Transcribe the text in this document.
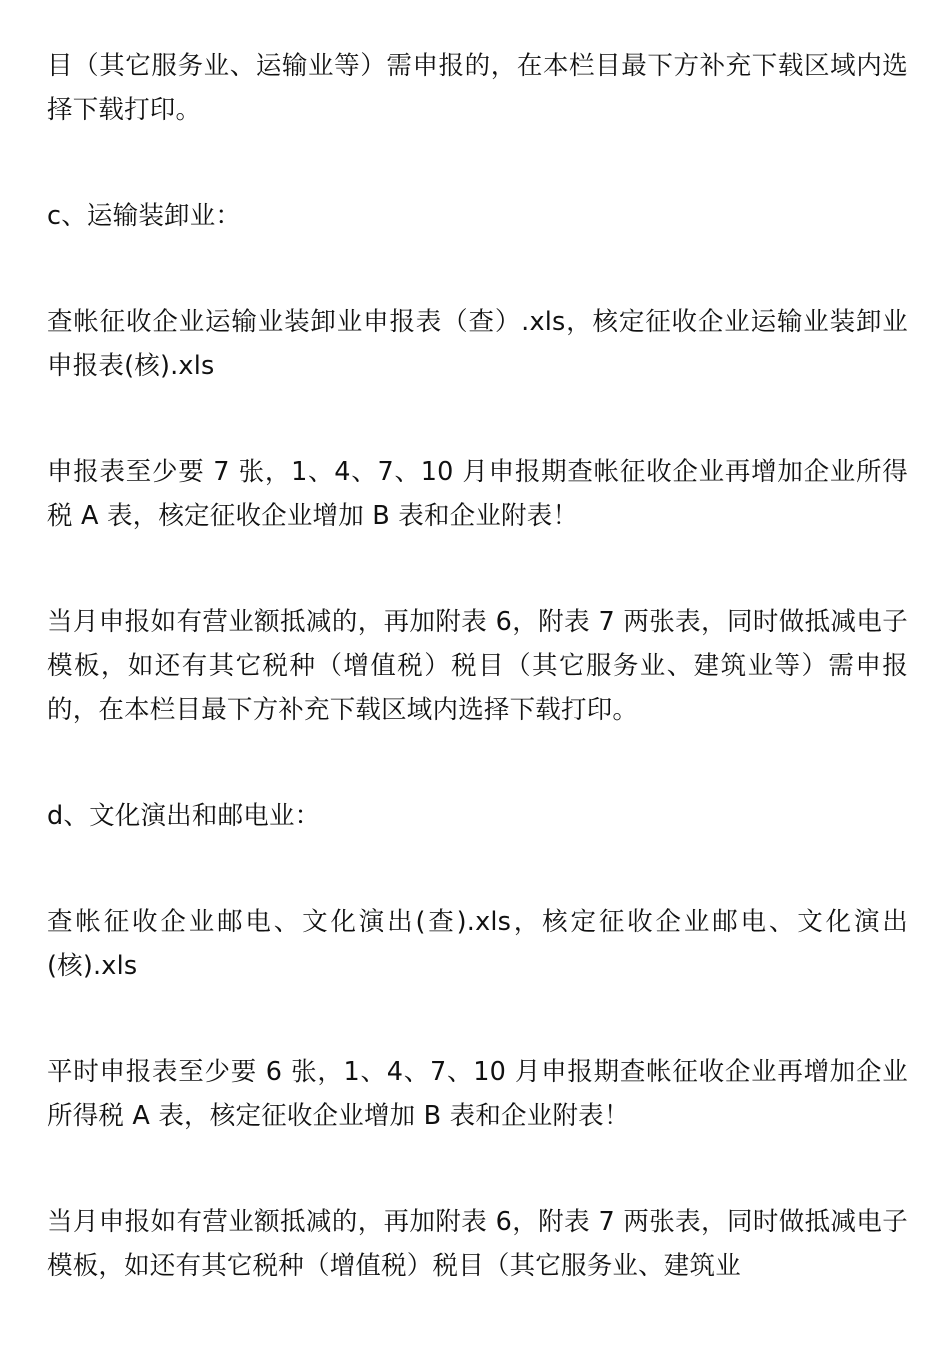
目（其它服务业、运输业等）需申报的，在本栏目最下方补充下载区域内选择下载打印。

c、运输装卸业：

查帐征收企业运输业装卸业申报表（查）.xls，核定征收企业运输业装卸业申报表(核).xls

申报表至少要 7 张，1、4、7、10 月申报期查帐征收企业再增加企业所得税 A 表，核定征收企业增加 B 表和企业附表！

当月申报如有营业额抵减的，再加附表 6，附表 7 两张表，同时做抵减电子模板，如还有其它税种（增值税）税目（其它服务业、建筑业等）需申报的，在本栏目最下方补充下载区域内选择下载打印。

d、文化演出和邮电业：

查帐征收企业邮电、文化演出(查).xls，核定征收企业邮电、文化演出(核).xls

平时申报表至少要 6 张，1、4、7、10 月申报期查帐征收企业再增加企业所得税 A 表，核定征收企业增加 B 表和企业附表！

当月申报如有营业额抵减的，再加附表 6，附表 7 两张表，同时做抵减电子模板，如还有其它税种（增值税）税目（其它服务业、建筑业
